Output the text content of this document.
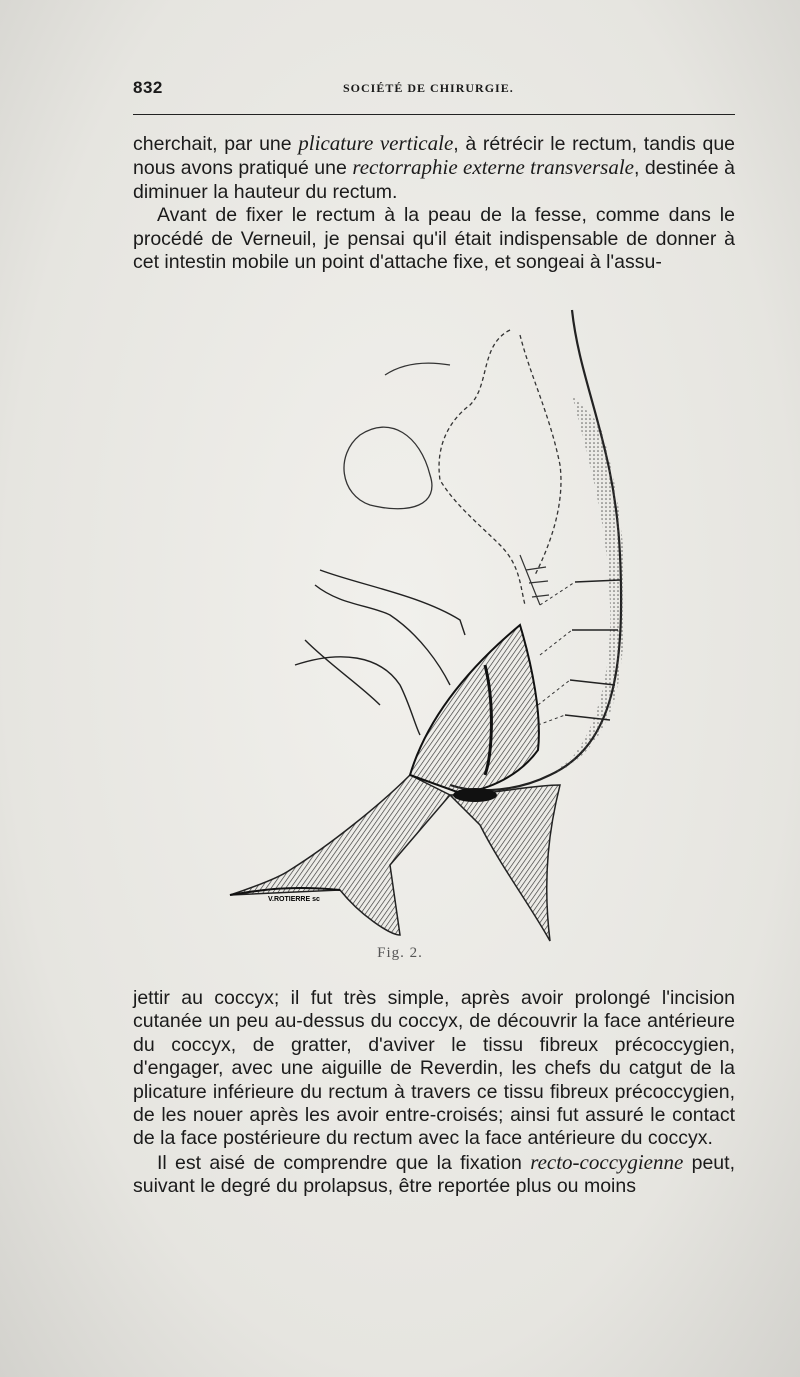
832	SOCIÉTÉ DE CHIRURGIE.

cherchait, par une plicature verticale, à rétrécir le rectum, tandis que nous avons pratiqué une rectorraphie externe transversale, destinée à diminuer la hauteur du rectum.

Avant de fixer le rectum à la peau de la fesse, comme dans le procédé de Verneuil, je pensai qu'il était indispensable de donner à cet intestin mobile un point d'attache fixe, et songeai à l'assu-

V.ROTIERRE sc
Fig. 2.

jettir au coccyx; il fut très simple, après avoir prolongé l'incision cutanée un peu au-dessus du coccyx, de découvrir la face antérieure du coccyx, de gratter, d'aviver le tissu fibreux précoccygien, d'engager, avec une aiguille de Reverdin, les chefs du catgut de la plicature inférieure du rectum à travers ce tissu fibreux précoccygien, de les nouer après les avoir entre-croisés; ainsi fut assuré le contact de la face postérieure du rectum avec la face antérieure du coccyx.

Il est aisé de comprendre que la fixation recto-coccygienne peut, suivant le degré du prolapsus, être reportée plus ou moins
